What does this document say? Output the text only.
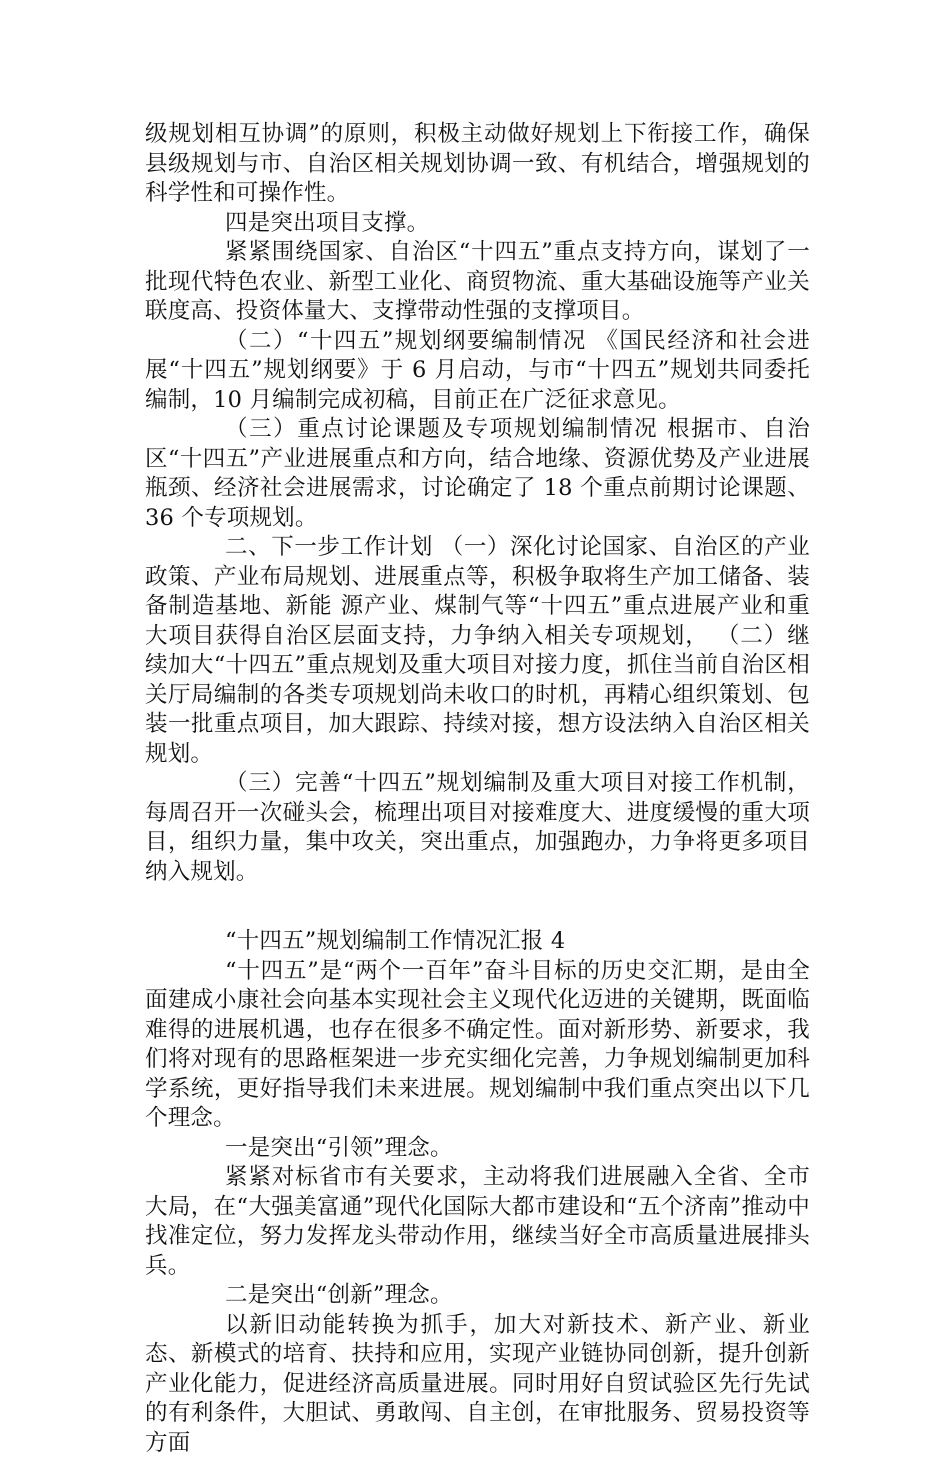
级规划相互协调”的原则，积极主动做好规划上下衔接工作，确保县级规划与市、自治区相关规划协调一致、有机结合，增强规划的科学性和可操作性。

四是突出项目支撑。

紧紧围绕国家、自治区“十四五”重点支持方向，谋划了一批现代特色农业、新型工业化、商贸物流、重大基础设施等产业关联度高、投资体量大、支撑带动性强的支撑项目。

（二）“十四五”规划纲要编制情况 《国民经济和社会进展“十四五”规划纲要》于 6 月启动，与市“十四五”规划共同委托编制，10 月编制完成初稿，目前正在广泛征求意见。

（三）重点讨论课题及专项规划编制情况 根据市、自治区“十四五”产业进展重点和方向，结合地缘、资源优势及产业进展瓶颈、经济社会进展需求，讨论确定了 18 个重点前期讨论课题、36 个专项规划。

二、下一步工作计划 （一）深化讨论国家、自治区的产业政策、产业布局规划、进展重点等，积极争取将生产加工储备、装备制造基地、新能 源产业、煤制气等“十四五”重点进展产业和重大项目获得自治区层面支持，力争纳入相关专项规划， （二）继续加大“十四五”重点规划及重大项目对接力度，抓住当前自治区相关厅局编制的各类专项规划尚未收口的时机，再精心组织策划、包装一批重点项目，加大跟踪、持续对接，想方设法纳入自治区相关规划。

（三）完善“十四五”规划编制及重大项目对接工作机制，每周召开一次碰头会，梳理出项目对接难度大、进度缓慢的重大项目，组织力量，集中攻关，突出重点，加强跑办，力争将更多项目纳入规划。

“十四五”规划编制工作情况汇报 4

“十四五”是“两个一百年”奋斗目标的历史交汇期，是由全面建成小康社会向基本实现社会主义现代化迈进的关键期，既面临难得的进展机遇，也存在很多不确定性。面对新形势、新要求，我们将对现有的思路框架进一步充实细化完善，力争规划编制更加科学系统，更好指导我们未来进展。规划编制中我们重点突出以下几个理念。

一是突出“引领”理念。

紧紧对标省市有关要求，主动将我们进展融入全省、全市大局，在“大强美富通”现代化国际大都市建设和“五个济南”推动中找准定位，努力发挥龙头带动作用，继续当好全市高质量进展排头兵。

二是突出“创新”理念。

以新旧动能转换为抓手，加大对新技术、新产业、新业态、新模式的培育、扶持和应用，实现产业链协同创新，提升创新产业化能力，促进经济高质量进展。同时用好自贸试验区先行先试的有利条件，大胆试、勇敢闯、自主创，在审批服务、贸易投资等方面
